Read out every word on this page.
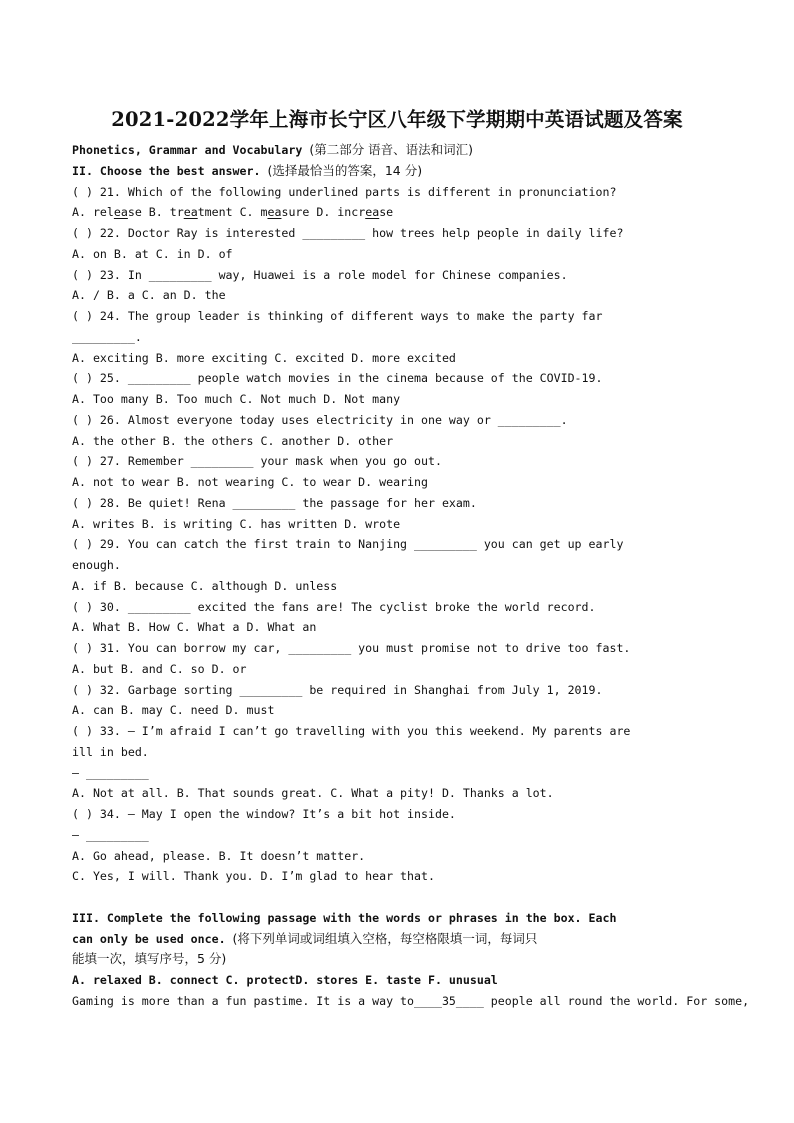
2021-2022学年上海市长宁区八年级下学期期中英语试题及答案
Phonetics, Grammar and Vocabulary (第二部分 语音、语法和词汇)
II. Choose the best answer. (选择最恰当的答案，14 分)
( ) 21. Which of the following underlined parts is different in pronunciation?
A. release B. treatment C. measure D. increase
( ) 22. Doctor Ray is interested _________ how trees help people in daily life?
A. on B. at C. in D. of
( ) 23. In _________ way, Huawei is a role model for Chinese companies.
A. / B. a C. an D. the
( ) 24. The group leader is thinking of different ways to make the party far
_________.
A. exciting B. more exciting C. excited D. more excited
( ) 25. _________ people watch movies in the cinema because of the COVID-19.
A. Too many B. Too much C. Not much D. Not many
( ) 26. Almost everyone today uses electricity in one way or _________.
A. the other B. the others C. another D. other
( ) 27. Remember _________ your mask when you go out.
A. not to wear B. not wearing C. to wear D. wearing
( ) 28. Be quiet! Rena _________ the passage for her exam.
A. writes B. is writing C. has written D. wrote
( ) 29. You can catch the first train to Nanjing _________ you can get up early
enough.
A. if B. because C. although D. unless
( ) 30. _________ excited the fans are! The cyclist broke the world record.
A. What B. How C. What a D. What an
( ) 31. You can borrow my car, _________ you must promise not to drive too fast.
A. but B. and C. so D. or
( ) 32. Garbage sorting _________ be required in Shanghai from July 1, 2019.
A. can B. may C. need D. must
( ) 33. — I’m afraid I can’t go travelling with you this weekend. My parents are
ill in bed.
— _________
A. Not at all. B. That sounds great. C. What a pity! D. Thanks a lot.
( ) 34. — May I open the window? It’s a bit hot inside.
— _________
A. Go ahead, please. B. It doesn’t matter.
C. Yes, I will. Thank you. D. I’m glad to hear that.
III. Complete the following passage with the words or phrases in the box. Each
can only be used once. (将下列单词或词组填入空格，每空格限填一词，每词只
能填一次，填写序号，5 分)
A. relaxed B. connect C. protectD. stores E. taste F. unusual
Gaming is more than a fun pastime. It is a way to____35____ people all round the world. For some,
